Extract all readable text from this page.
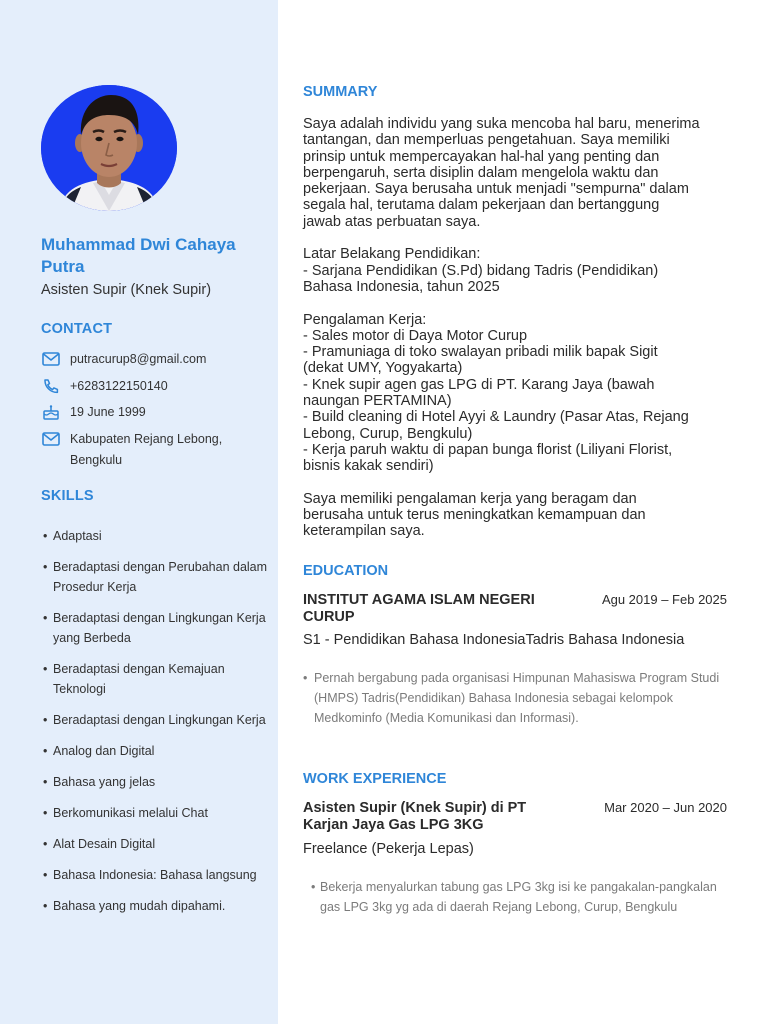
Muhammad Dwi Cahaya Putra
Asisten Supir (Knek Supir)
CONTACT
putracurup8@gmail.com
+6283122150140
19 June 1999
Kabupaten Rejang Lebong, Bengkulu
SKILLS
• Adaptasi
• Beradaptasi dengan Perubahan dalam Prosedur Kerja
• Beradaptasi dengan Lingkungan Kerja yang Berbeda
• Beradaptasi dengan Kemajuan Teknologi
• Beradaptasi dengan Lingkungan Kerja
• Analog dan Digital
• Bahasa yang jelas
• Berkomunikasi melalui Chat
• Alat Desain Digital
• Bahasa Indonesia: Bahasa langsung
• Bahasa yang mudah dipahami.
SUMMARY
Saya adalah individu yang suka mencoba hal baru, menerima
tantangan, dan memperluas pengetahuan. Saya memiliki
prinsip untuk mempercayakan hal-hal yang penting dan
berpengaruh, serta disiplin dalam mengelola waktu dan
pekerjaan. Saya berusaha untuk menjadi "sempurna" dalam
segala hal, terutama dalam pekerjaan dan bertanggung
jawab atas perbuatan saya.

Latar Belakang Pendidikan:
- Sarjana Pendidikan (S.Pd) bidang Tadris (Pendidikan)
Bahasa Indonesia, tahun 2025

Pengalaman Kerja:
- Sales motor di Daya Motor Curup
- Pramuniaga di toko swalayan pribadi milik bapak Sigit
(dekat UMY, Yogyakarta)
- Knek supir agen gas LPG di PT. Karang Jaya (bawah
naungan PERTAMINA)
- Build cleaning di Hotel Ayyi & Laundry (Pasar Atas, Rejang
Lebong, Curup, Bengkulu)
- Kerja paruh waktu di papan bunga florist (Liliyani Florist,
bisnis kakak sendiri)

Saya memiliki pengalaman kerja yang beragam dan
berusaha untuk terus meningkatkan kemampuan dan
keterampilan saya.
EDUCATION
INSTITUT AGAMA ISLAM NEGERI CURUP
Agu 2019 – Feb 2025
S1 - Pendidikan Bahasa IndonesiaTadris Bahasa Indonesia
• Pernah bergabung pada organisasi Himpunan Mahasiswa Program Studi (HMPS) Tadris(Pendidikan) Bahasa Indonesia sebagai kelompok Medkominfo (Media Komunikasi dan Informasi).
WORK EXPERIENCE
Asisten Supir (Knek Supir) di PT Karjan Jaya Gas LPG 3KG
Mar 2020 – Jun 2020
Freelance (Pekerja Lepas)
• Bekerja menyalurkan tabung gas LPG 3kg isi ke pangakalan-pangkalan gas LPG 3kg yg ada di daerah Rejang Lebong, Curup, Bengkulu
